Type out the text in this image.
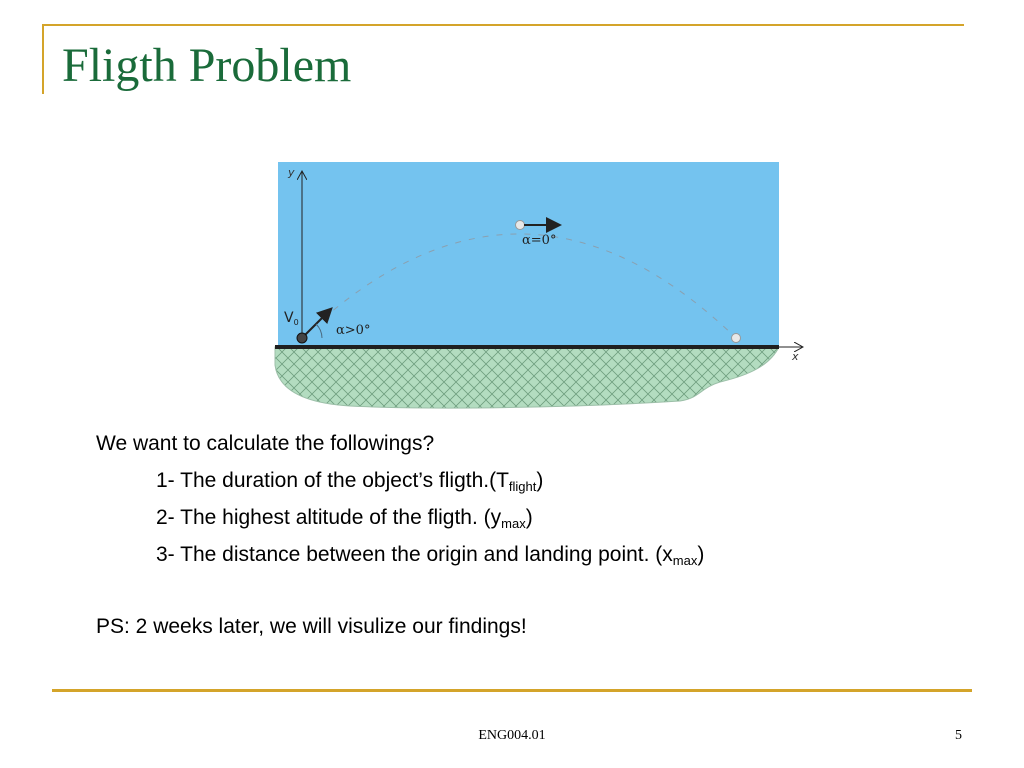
Fligth Problem
x
y
$V_0$
α>0°
α=0°
We want to calculate the followings?
1- The duration of the object’s $fligth.(T_{flight})$
2- The highest altitude of the fligth. $(y_{max})$
3- The distance between the origin and landing point. $(x_{max})$
PS: 2 weeks later, we will visulize our findings!
ENG004.01	5
